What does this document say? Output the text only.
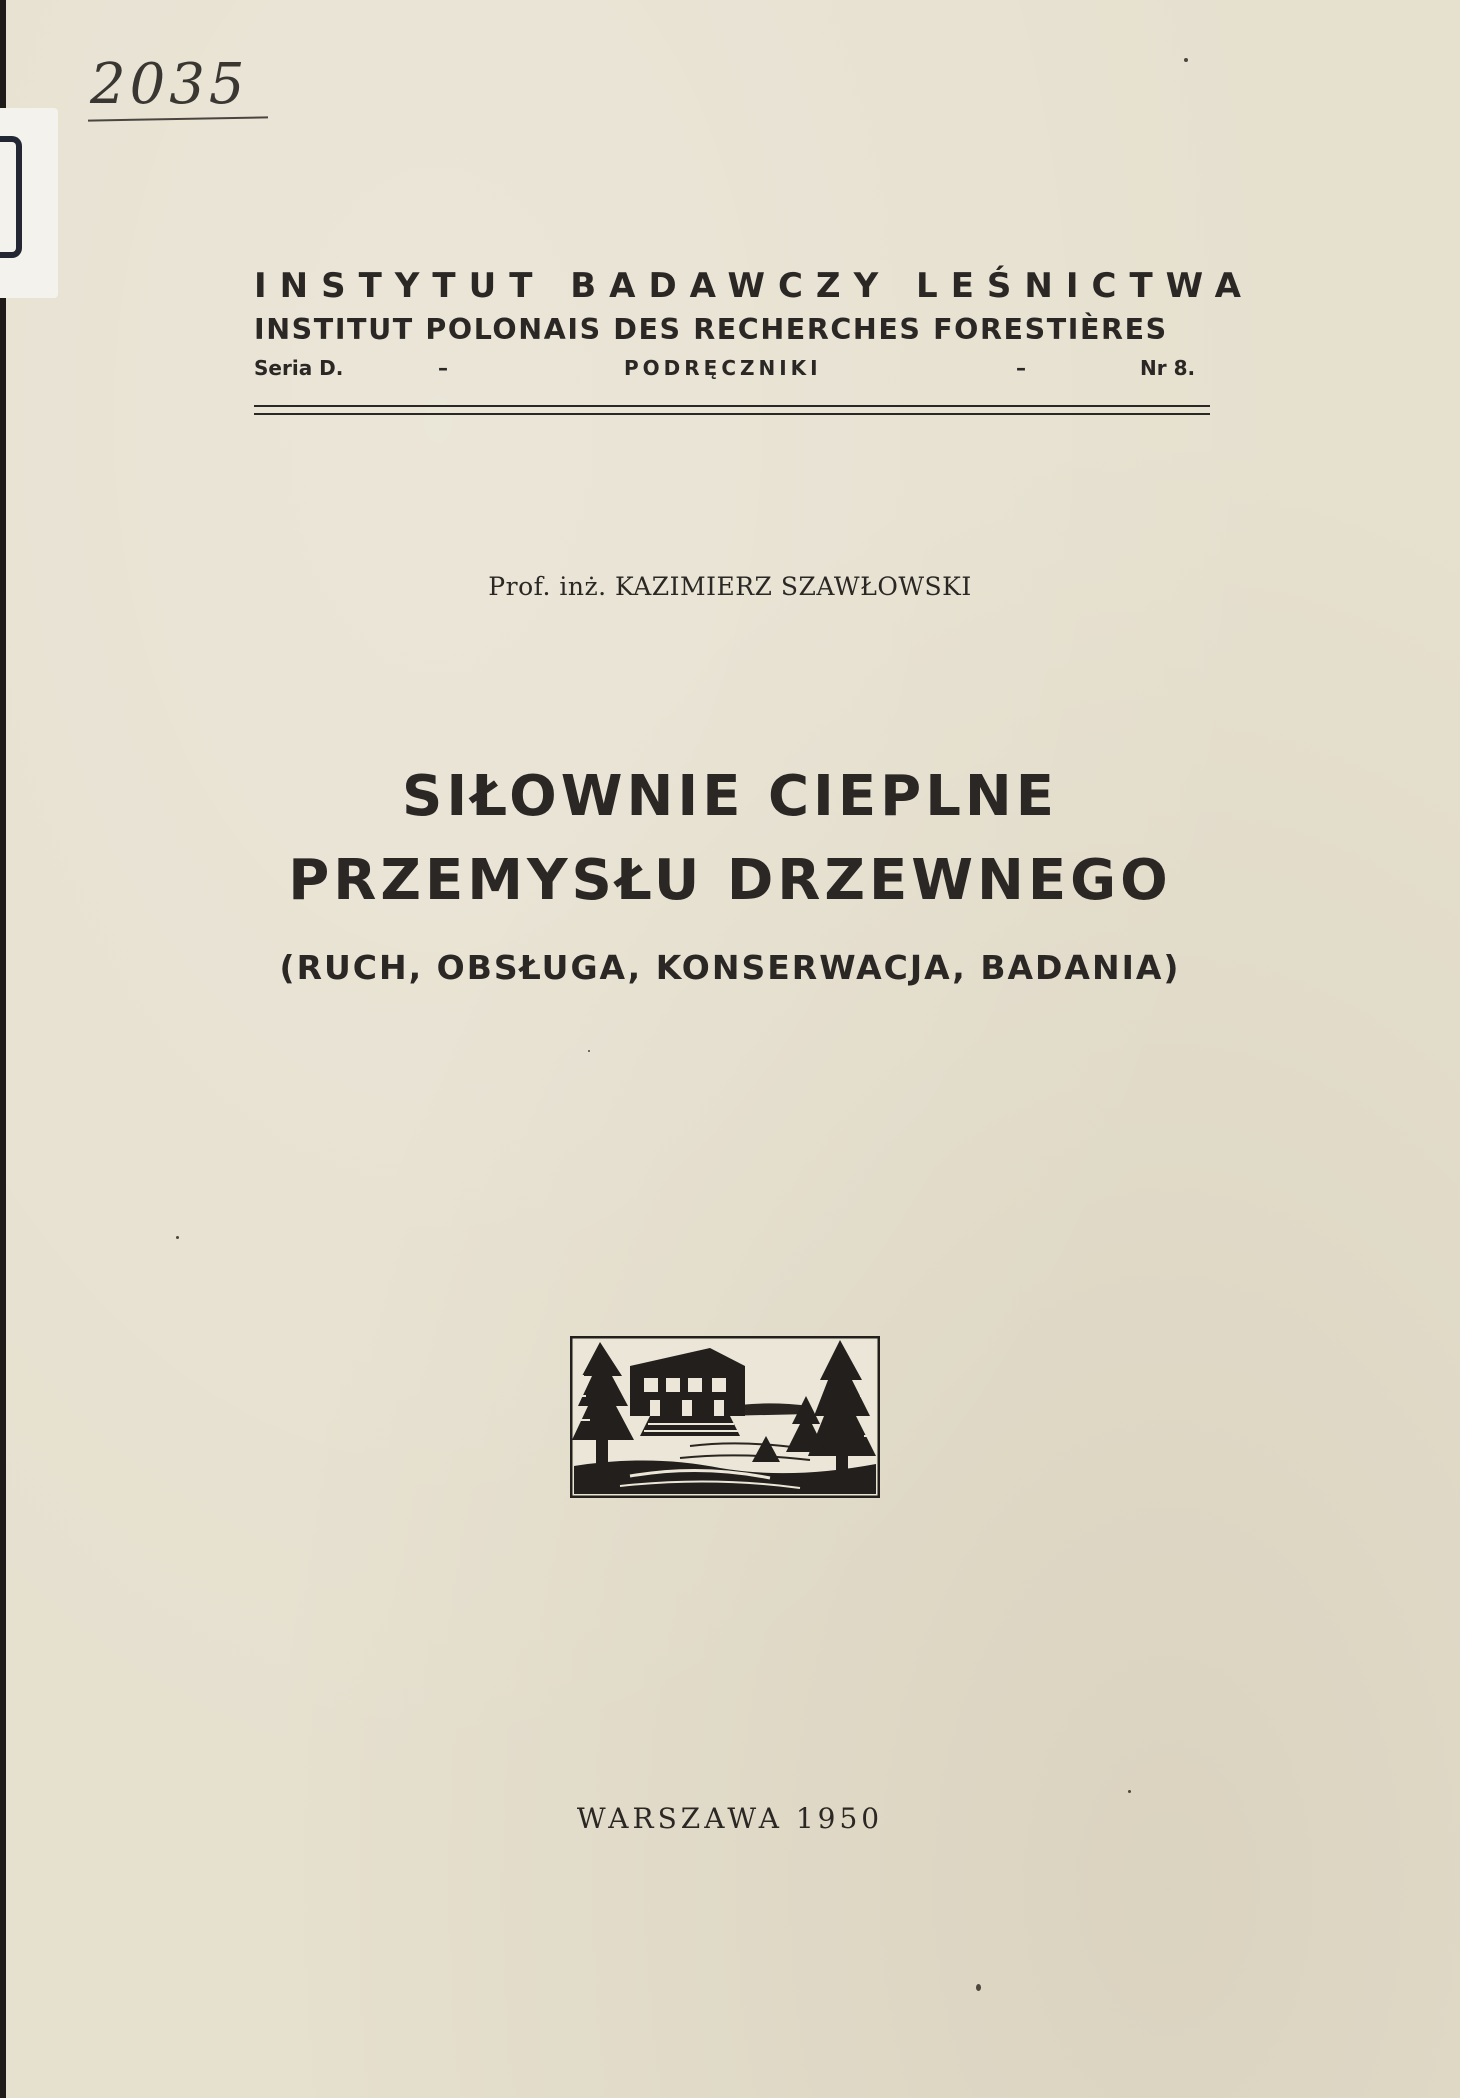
2035
INSTYTUT BADAWCZY LEŚNICTWA
INSTITUT POLONAIS DES RECHERCHES FORESTIÈRES
Seria D.	–	PODRĘCZNIKI	–	Nr 8.
Prof. inż. KAZIMIERZ SZAWŁOWSKI
SIŁOWNIE CIEPLNE
PRZEMYSŁU DRZEWNEGO
(RUCH, OBSŁUGA, KONSERWACJA, BADANIA)
WARSZAWA 1950
